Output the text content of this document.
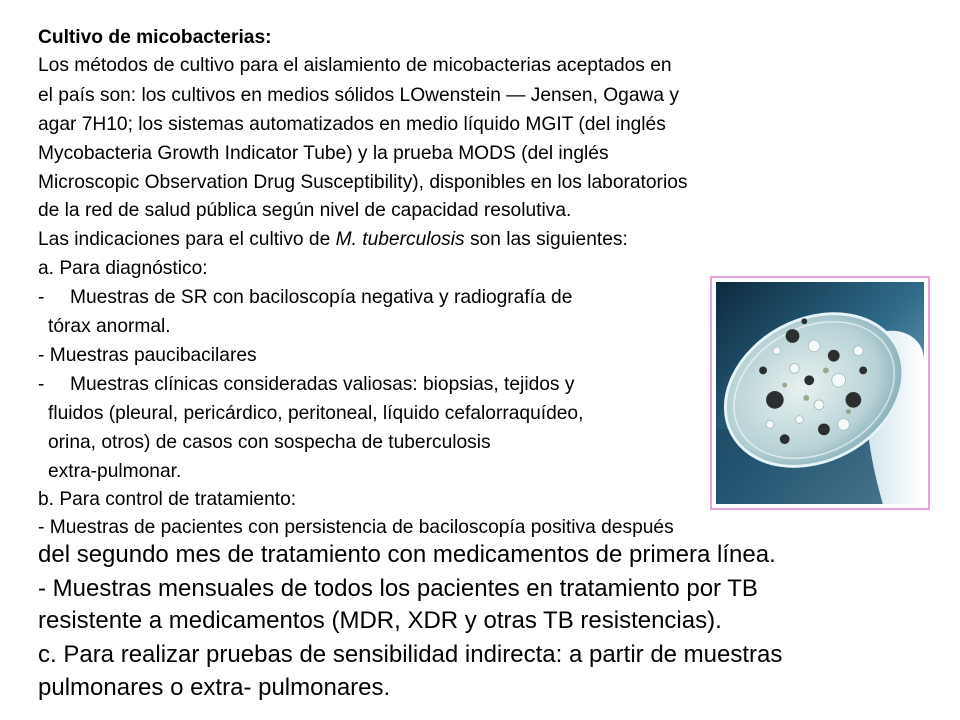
Cultivo de micobacterias:
Los métodos de cultivo para el aislamiento de micobacterias aceptados en
el país son: los cultivos en medios sólidos LOwenstein — Jensen, Ogawa y
agar 7H10; los sistemas automatizados en medio líquido MGIT (del inglés
Mycobacteria Growth Indicator Tube) y la prueba MODS (del inglés
Microscopic Observation Drug Susceptibility), disponibles en los laboratorios
de la red de salud pública según nivel de capacidad resolutiva.
Las indicaciones para el cultivo de M. tuberculosis son las siguientes:
a. Para diagnóstico:
- Muestras de SR con baciloscopía negativa y radiografía de
tórax anormal.
- Muestras paucibacilares
- Muestras clínicas consideradas valiosas: biopsias, tejidos y
fluidos (pleural, pericárdico, peritoneal, líquido cefalorraquídeo,
orina, otros) de casos con sospecha de tuberculosis
extra-pulmonar.
b. Para control de tratamiento:
- Muestras de pacientes con persistencia de baciloscopía positiva después
del segundo mes de tratamiento con medicamentos de primera línea.
- Muestras mensuales de todos los pacientes en tratamiento por TB
resistente a medicamentos (MDR, XDR y otras TB resistencias).
c. Para realizar pruebas de sensibilidad indirecta: a partir de muestras
pulmonares o extra- pulmonares.
